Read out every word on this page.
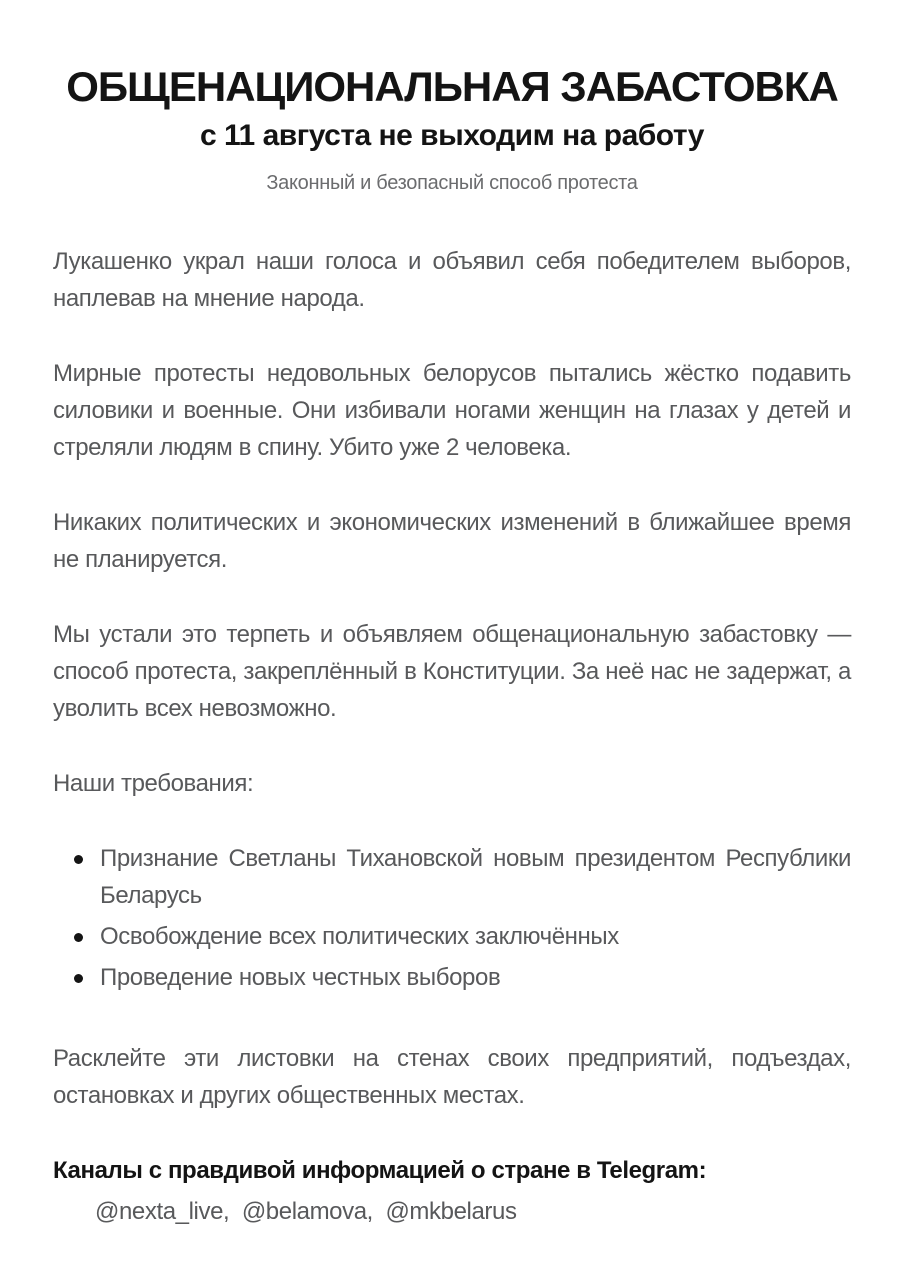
ОБЩЕНАЦИОНАЛЬНАЯ ЗАБАСТОВКА
с 11 августа не выходим на работу
Законный и безопасный способ протеста

Лукашенко украл наши голоса и объявил себя победителем выборов, наплевав на мнение народа.

Мирные протесты недовольных белорусов пытались жёстко подавить силовики и военные. Они избивали ногами женщин на глазах у детей и стреляли людям в спину. Убито уже 2 человека.

Никаких политических и экономических изменений в ближайшее время не планируется.

Мы устали это терпеть и объявляем общенациональную забастовку — способ протеста, закреплённый в Конституции. За неё нас не задержат, а уволить всех невозможно.

Наши требования:

Признание Светланы Тихановской новым президентом Республики Беларусь
Освобождение всех политических заключённых
Проведение новых честных выборов

Расклейте эти листовки на стенах своих предприятий, подъездах, остановках и других общественных местах.

Каналы с правдивой информацией о стране в Telegram:

@nexta_live,  @belamova,  @mkbelarus
